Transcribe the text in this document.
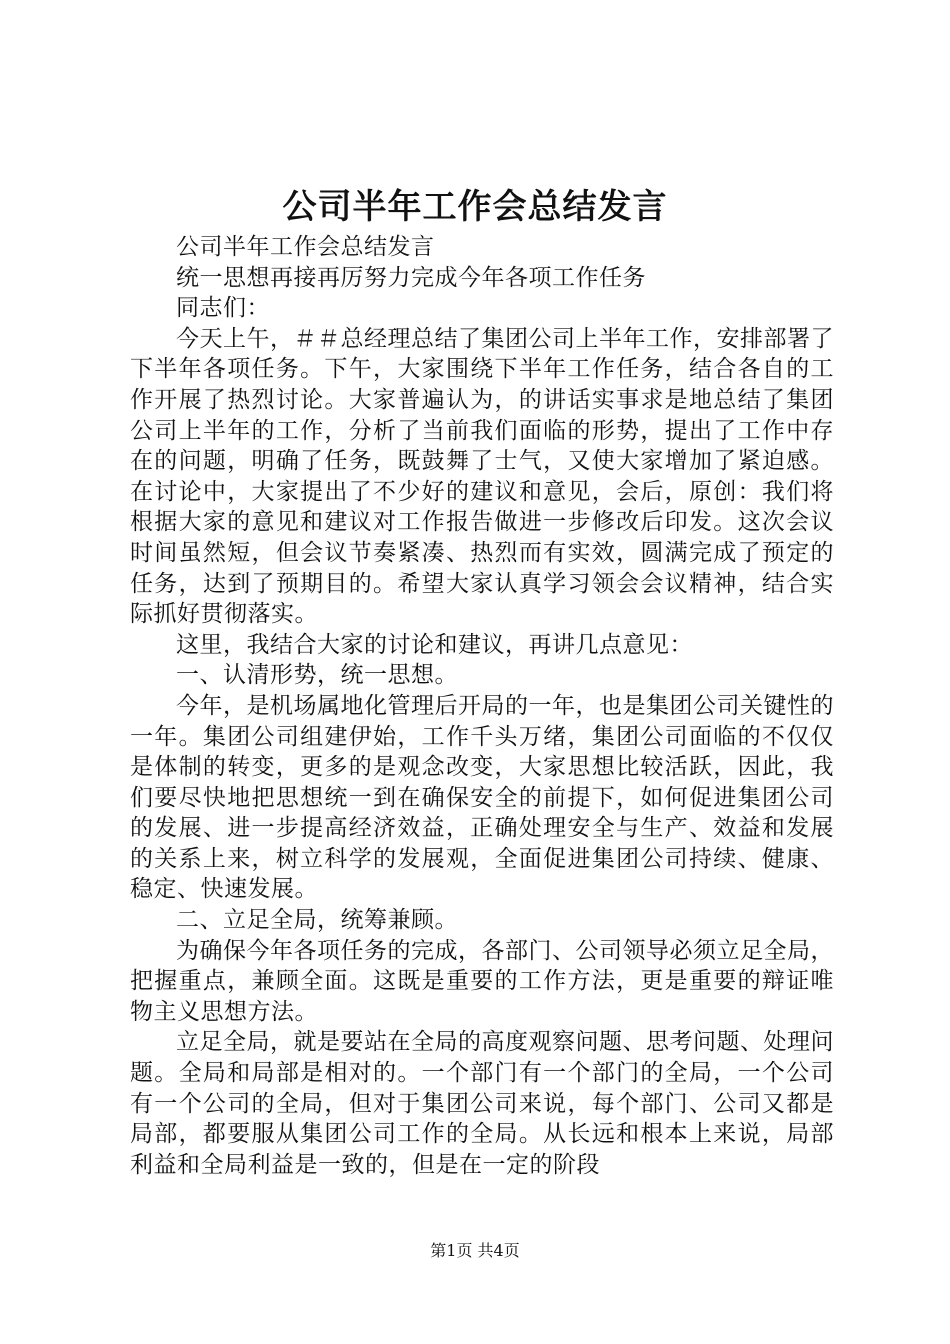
公司半年工作会总结发言

公司半年工作会总结发言

统一思想再接再厉努力完成今年各项工作任务

同志们：

今天上午，＃＃总经理总结了集团公司上半年工作，安排部署了下半年各项任务。下午，大家围绕下半年工作任务，结合各自的工作开展了热烈讨论。大家普遍认为，的讲话实事求是地总结了集团公司上半年的工作，分析了当前我们面临的形势，提出了工作中存在的问题，明确了任务，既鼓舞了士气，又使大家增加了紧迫感。在讨论中，大家提出了不少好的建议和意见，会后，原创：我们将根据大家的意见和建议对工作报告做进一步修改后印发。这次会议时间虽然短，但会议节奏紧凑、热烈而有实效，圆满完成了预定的任务，达到了预期目的。希望大家认真学习领会会议精神，结合实际抓好贯彻落实。

这里，我结合大家的讨论和建议，再讲几点意见：

一、认清形势，统一思想。

今年，是机场属地化管理后开局的一年，也是集团公司关键性的一年。集团公司组建伊始，工作千头万绪，集团公司面临的不仅仅是体制的转变，更多的是观念改变，大家思想比较活跃，因此，我们要尽快地把思想统一到在确保安全的前提下，如何促进集团公司的发展、进一步提高经济效益，正确处理安全与生产、效益和发展的关系上来，树立科学的发展观，全面促进集团公司持续、健康、稳定、快速发展。

二、立足全局，统筹兼顾。

为确保今年各项任务的完成，各部门、公司领导必须立足全局，把握重点，兼顾全面。这既是重要的工作方法，更是重要的辩证唯物主义思想方法。

立足全局，就是要站在全局的高度观察问题、思考问题、处理问题。全局和局部是相对的。一个部门有一个部门的全局，一个公司有一个公司的全局，但对于集团公司来说，每个部门、公司又都是局部，都要服从集团公司工作的全局。从长远和根本上来说，局部利益和全局利益是一致的，但是在一定的阶段

第1页 共4页
